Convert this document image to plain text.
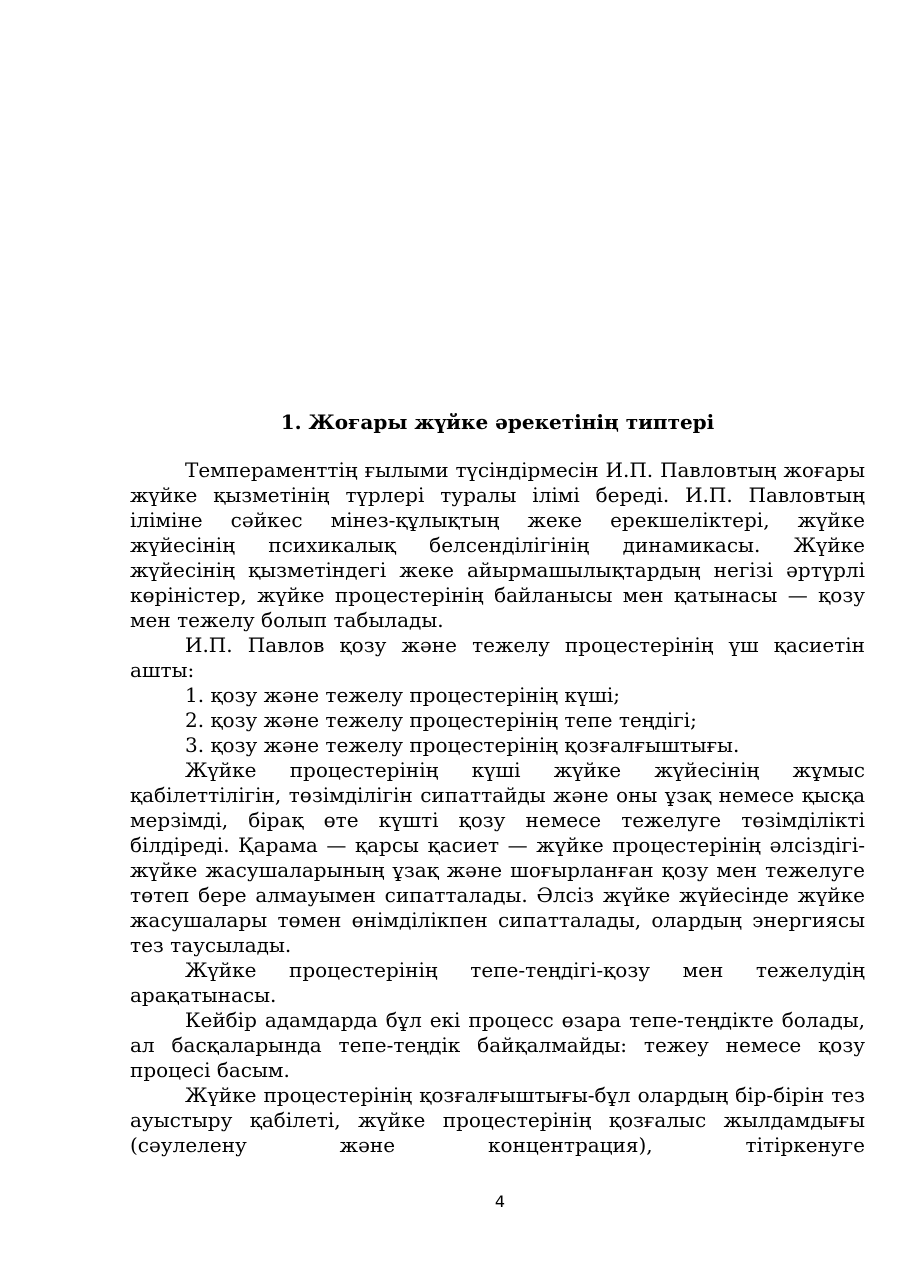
1. Жоғары жүйке әрекетінің типтері

Темпераменттің ғылыми түсіндірмесін И.П. Павловтың жоғары жүйке қызметінің түрлері туралы ілімі береді. И.П. Павловтың іліміне сәйкес мінез-құлықтың жеке ерекшеліктері, жүйке жүйесінің психикалық белсенділігінің динамикасы. Жүйке жүйесінің қызметіндегі жеке айырмашылықтардың негізі әртүрлі көріністер, жүйке процестерінің байланысы мен қатынасы — қозу мен тежелу болып табылады.

И.П. Павлов қозу және тежелу процестерінің үш қасиетін ашты:

1. қозу және тежелу процестерінің күші;

2. қозу және тежелу процестерінің тепе теңдігі;

3. қозу және тежелу процестерінің қозғалғыштығы.

Жүйке процестерінің күші жүйке жүйесінің жұмыс қабілеттілігін, төзімділігін сипаттайды және оны ұзақ немесе қысқа мерзімді, бірақ өте күшті қозу немесе тежелуге төзімділікті білдіреді. Қарама — қарсы қасиет — жүйке процестерінің әлсіздігі-жүйке жасушаларының ұзақ және шоғырланған қозу мен тежелуге төтеп бере алмауымен сипатталады. Әлсіз жүйке жүйесінде жүйке жасушалары төмен өнімділікпен сипатталады, олардың энергиясы тез таусылады.

Жүйке процестерінің тепе-теңдігі-қозу мен тежелудің арақатынасы.

Кейбір адамдарда бұл екі процесс өзара тепе-теңдікте болады, ал басқаларында тепе-теңдік байқалмайды: тежеу немесе қозу процесі басым.

Жүйке процестерінің қозғалғыштығы-бұл олардың бір-бірін тез ауыстыру қабілеті, жүйке процестерінің қозғалыс жылдамдығы (сәулелену және концентрация), тітіркенуге

4
